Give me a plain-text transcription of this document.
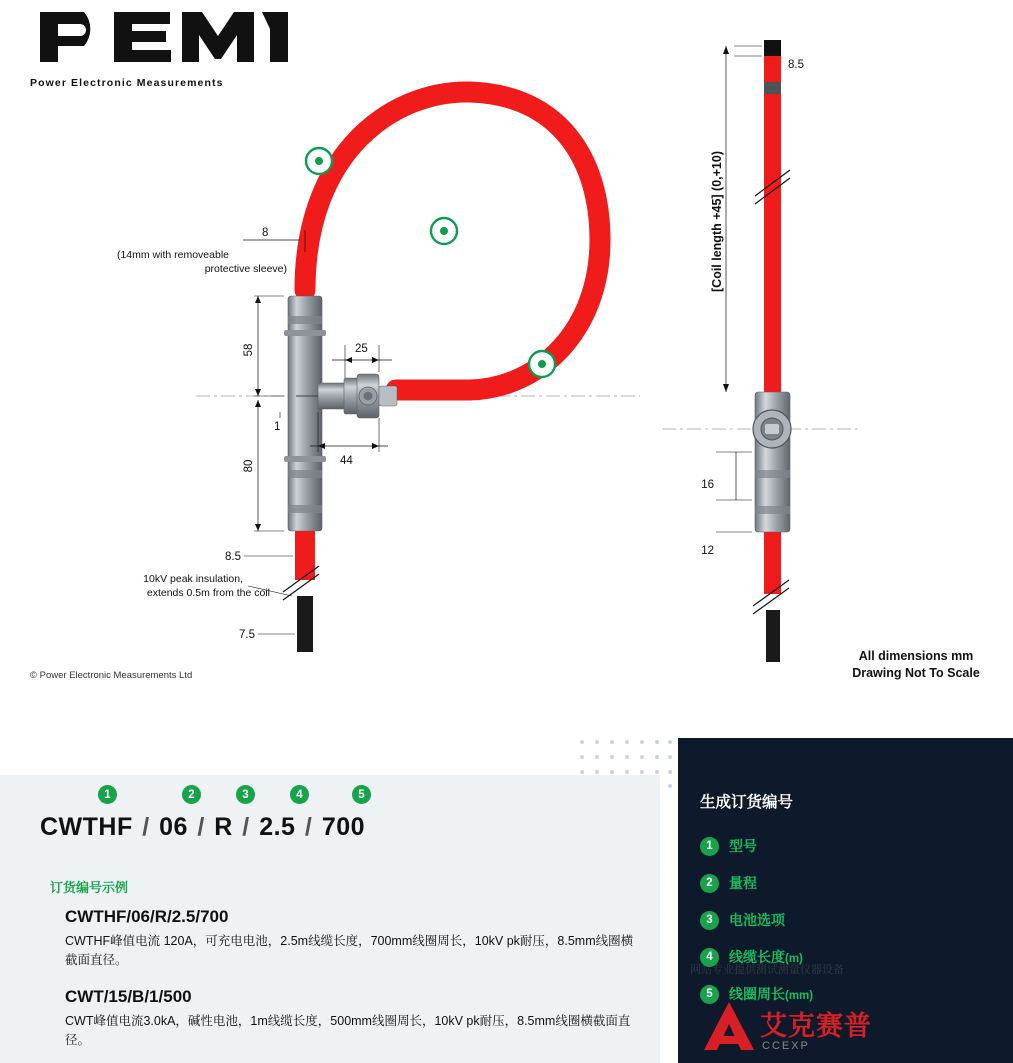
Power Electronic Measurements
8
(14mm with removeable
protective sleeve)
58
80
8.5
7.5
1
25
44
10kV peak insulation,
extends 0.5m from the coil
8.5
[Coil length +45] (0,+10)
16
12
© Power Electronic Measurements Ltd
All dimensions mm
Drawing Not To Scale
1	2	3	4	5
CWTHF / 06 / R / 2.5 / 700
订货编号示例
CWTHF/06/R/2.5/700
CWTHF峰值电流 120A，可充电电池，2.5m线缆长度，700mm线圈周长，10kV pk耐压，8.5mm线圈横截面直径。
CWT/15/B/1/500
CWT峰值电流3.0kA，碱性电池，1m线缆长度，500mm线圈周长，10kV pk耐压，8.5mm线圈横截面直径。
生成订货编号
1	型号
2	量程
3	电池选项
4	线缆长度(m)
5	线圈周长(mm)
网站专业提供测试测量仪器设备
艾克赛普
CCEXP
